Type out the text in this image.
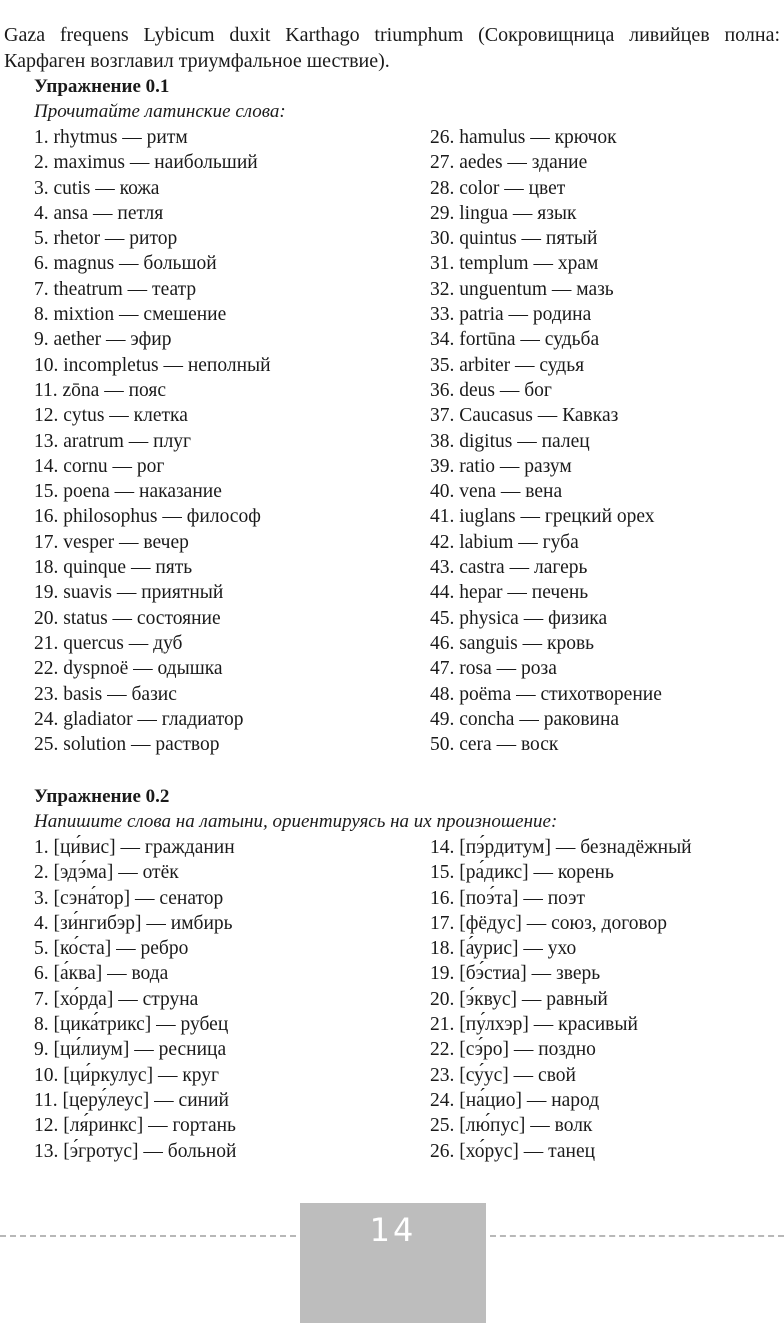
Gaza frequens Lybicum duxit Karthago triumphum (Сокровищница ливийцев полна: Карфаген возглавил триумфальное шествие).

Упражнение 0.1
Прочитайте латинские слова:
1. rhytmus — ритм
2. maximus — наибольший
3. cutis — кожа
4. ansa — петля
5. rhetor — ритор
6. magnus — большой
7. theatrum — театр
8. mixtion — смешение
9. aether — эфир
10. incompletus — неполный
11. zōna — пояс
12. cytus — клетка
13. aratrum — плуг
14. cornu — рог
15. poena — наказание
16. philosophus — философ
17. vesper — вечер
18. quinque — пять
19. suavis — приятный
20. status — состояние
21. quercus — дуб
22. dyspnoё — одышка
23. basis — базис
24. gladiator — гладиатор
25. solution — раствор
26. hamulus — крючок
27. aedes — здание
28. color — цвет
29. lingua — язык
30. quintus — пятый
31. templum — храм
32. unguentum — мазь
33. patria — родина
34. fortūna — судьба
35. arbiter — судья
36. deus — бог
37. Caucasus — Кавказ
38. digitus — палец
39. ratio — разум
40. vena — вена
41. iuglans — грецкий орех
42. labium — губа
43. castra — лагерь
44. hepar — печень
45. physica — физика
46. sanguis — кровь
47. rosa — роза
48. poёma — стихотворение
49. concha — раковина
50. cera — воск
Упражнение 0.2
Напишите слова на латыни, ориентируясь на их произношение:
1. [ци́вис] — гражданин
2. [эдэ́ма] — отёк
3. [сэна́тор] — сенатор
4. [зи́нгибэр] — имбирь
5. [ко́ста] — ребро
6. [а́ква] — вода
7. [хо́рда] — струна
8. [цика́трикс] — рубец
9. [ци́лиум] — ресница
10. [ци́ркулус] — круг
11. [церу́леус] — синий
12. [ля́ринкс] — гортань
13. [э́гротус] — больной
14. [пэ́рдитум] — безнадёжный
15. [ра́дикс] — корень
16. [поэ́та] — поэт
17. [фёдус] — союз, договор
18. [а́урис] — ухо
19. [бэ́стиа] — зверь
20. [э́квус] — равный
21. [пу́лхэр] — красивый
22. [сэ́ро] — поздно
23. [су́ус] — свой
24. [на́цио] — народ
25. [лю́пус] — волк
26. [хо́рус] — танец
14
